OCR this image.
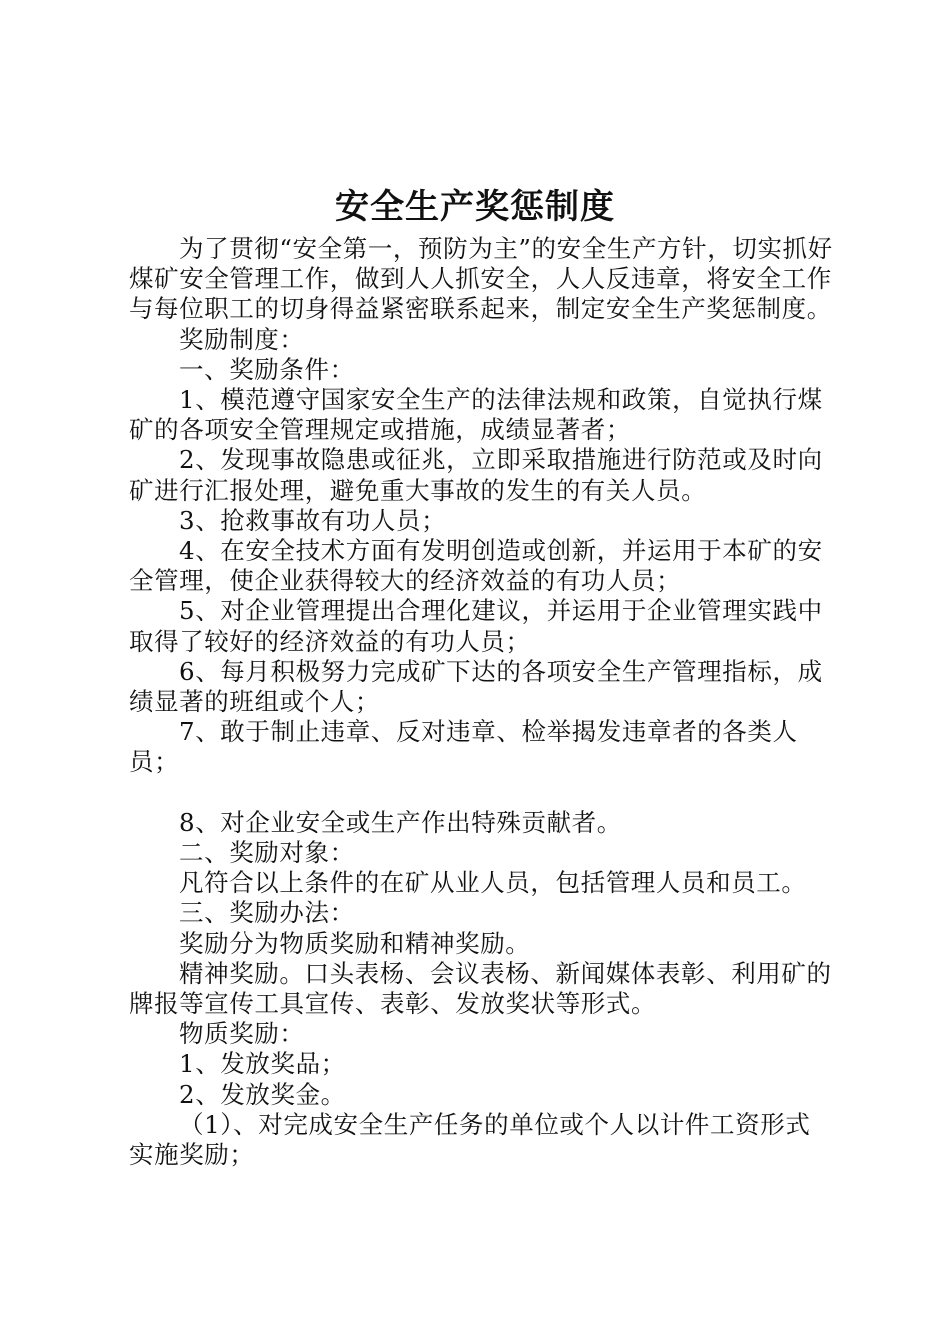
安全生产奖惩制度

为了贯彻“安全第一，预防为主”的安全生产方针，切实抓好煤矿安全管理工作，做到人人抓安全，人人反违章，将安全工作与每位职工的切身得益紧密联系起来，制定安全生产奖惩制度。

奖励制度：

一、奖励条件：

1、模范遵守国家安全生产的法律法规和政策，自觉执行煤矿的各项安全管理规定或措施，成绩显著者；

2、发现事故隐患或征兆，立即采取措施进行防范或及时向矿进行汇报处理，避免重大事故的发生的有关人员。

3、抢救事故有功人员；

4、在安全技术方面有发明创造或创新，并运用于本矿的安全管理，使企业获得较大的经济效益的有功人员；

5、对企业管理提出合理化建议，并运用于企业管理实践中取得了较好的经济效益的有功人员；

6、每月积极努力完成矿下达的各项安全生产管理指标，成绩显著的班组或个人；

7、敢于制止违章、反对违章、检举揭发违章者的各类人员；

8、对企业安全或生产作出特殊贡献者。

二、奖励对象：

凡符合以上条件的在矿从业人员，包括管理人员和员工。

三、奖励办法：

奖励分为物质奖励和精神奖励。

精神奖励。口头表杨、会议表杨、新闻媒体表彰、利用矿的牌报等宣传工具宣传、表彰、发放奖状等形式。

物质奖励：

1、发放奖品；

2、发放奖金。

（1）、对完成安全生产任务的单位或个人以计件工资形式实施奖励；
